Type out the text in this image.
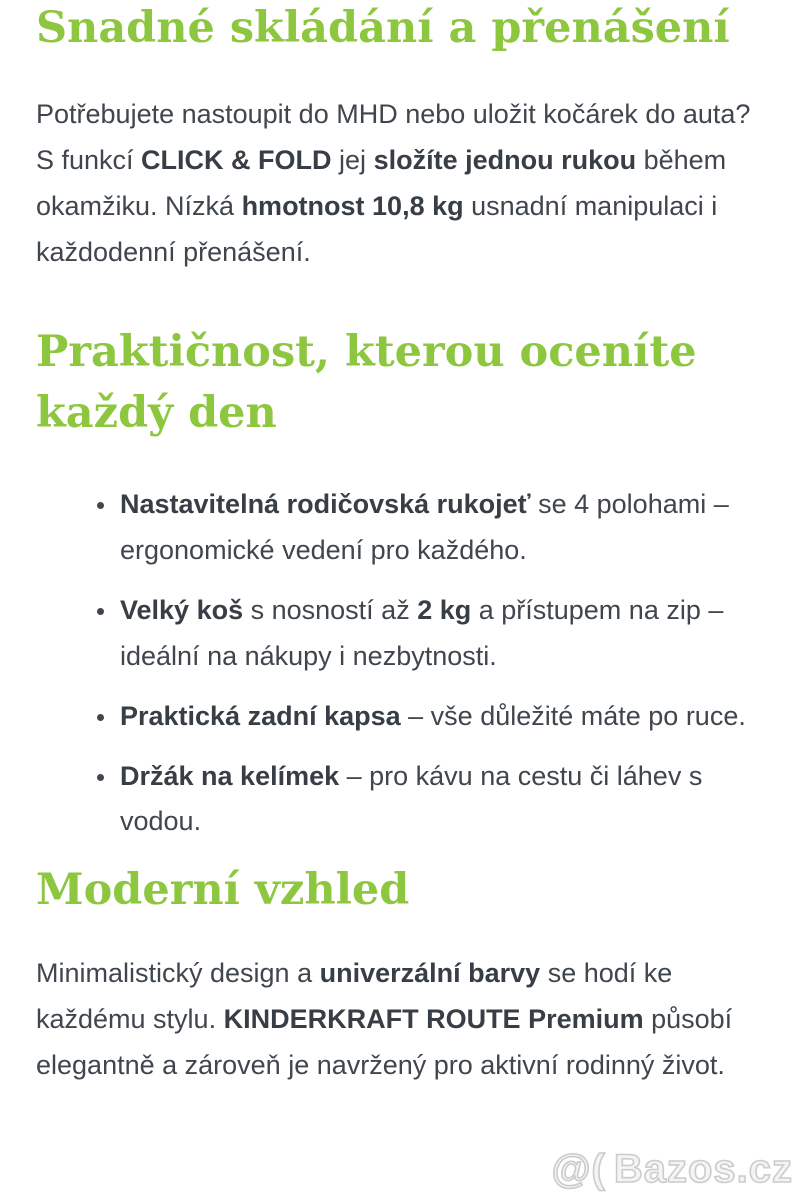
Snadné skládání a přenášení

Potřebujete nastoupit do MHD nebo uložit kočárek do auta? S funkcí CLICK & FOLD jej složíte jednou rukou během okamžiku. Nízká hmotnost 10,8 kg usnadní manipulaci i každodenní přenášení.

Praktičnost, kterou oceníte každý den
• Nastavitelná rodičovská rukojeť se 4 polohami – ergonomické vedení pro každého.
• Velký koš s nosností až 2 kg a přístupem na zip – ideální na nákupy i nezbytnosti.
• Praktická zadní kapsa – vše důležité máte po ruce.
• Držák na kelímek – pro kávu na cestu či láhev s vodou.
Moderní vzhled

Minimalistický design a univerzální barvy se hodí ke každému stylu. KINDERKRAFT ROUTE Premium působí elegantně a zároveň je navržený pro aktivní rodinný život.

@( Bazos.cz
